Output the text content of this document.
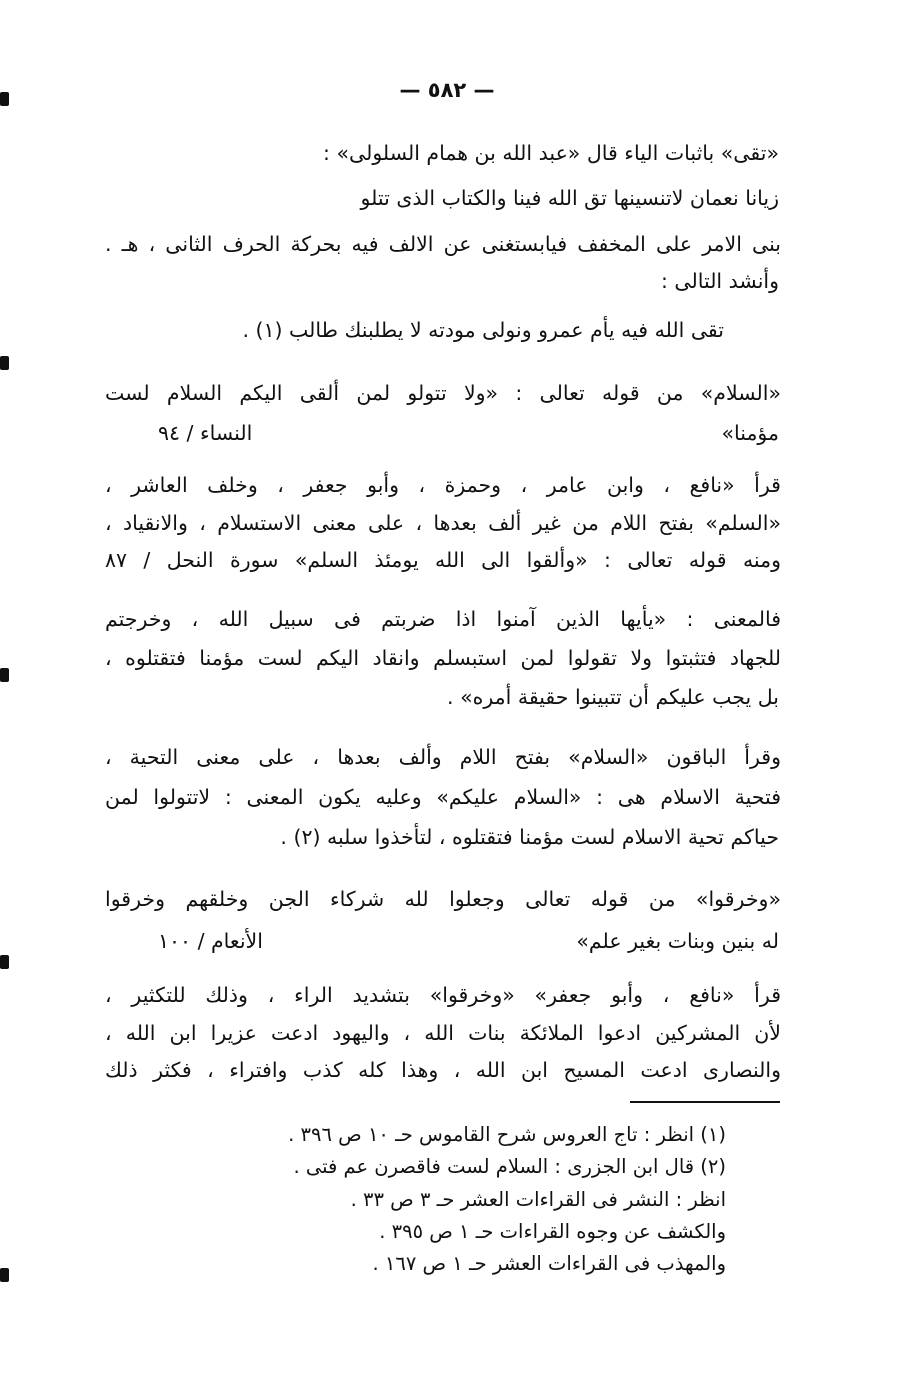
— ٥٨٢ —
«تقى» باثبات الياء قال «عبد الله بن همام السلولى» :
زيانا نعمان لاتنسينها تق الله فينا والكتاب الذى تتلو
بنى الامر على المخفف فيابستغنى عن الالف فيه بحركة الحرف الثانى ، هـ .
وأنشد التالى :
تقى الله فيه يأم عمرو ونولى مودته لا يطلبنك طالب (١) .
«السلام» من قوله تعالى : «ولا تتولو لمن ألقى اليكم السلام لست
مؤمنا»
النساء / ٩٤
قرأ «نافع ، وابن عامر ، وحمزة ، وأبو جعفر ، وخلف العاشر ،
«السلم» بفتح اللام من غير ألف بعدها ، على معنى الاستسلام ، والانقياد ،
ومنه قوله تعالى : «وألقوا الى الله يومئذ السلم» سورة النحل / ٨٧
فالمعنى : «يأيها الذين آمنوا اذا ضربتم فى سبيل الله ، وخرجتم
للجهاد فتثبتوا ولا تقولوا لمن استبسلم وانقاد اليكم لست مؤمنا فتقتلوه ،
بل يجب عليكم أن تتبينوا حقيقة أمره» .
وقرأ الباقون «السلام» بفتح اللام وألف بعدها ، على معنى التحية ،
فتحية الاسلام هى : «السلام عليكم» وعليه يكون المعنى : لاتتولوا لمن
حياكم تحية الاسلام لست مؤمنا فتقتلوه ، لتأخذوا سلبه (٢) .
«وخرقوا» من قوله تعالى وجعلوا لله شركاء الجن وخلقهم وخرقوا
له بنين وبنات بغير علم»
الأنعام / ١٠٠
قرأ «نافع ، وأبو جعفر» «وخرقوا» بتشديد الراء ، وذلك للتكثير ،
لأن المشركين ادعوا الملائكة بنات الله ، واليهود ادعت عزيرا ابن الله ،
والنصارى ادعت المسيح ابن الله ، وهذا كله كذب وافتراء ، فكثر ذلك
(١) انظر : تاج العروس شرح القاموس حـ ١٠ ص ٣٩٦ .
(٢) قال ابن الجزرى : السلام لست فاقصرن عم فتى .
انظر : النشر فى القراءات العشر حـ ٣ ص ٣٣ .
والكشف عن وجوه القراءات حـ ١ ص ٣٩٥ .
والمهذب فى القراءات العشر حـ ١ ص ١٦٧ .
